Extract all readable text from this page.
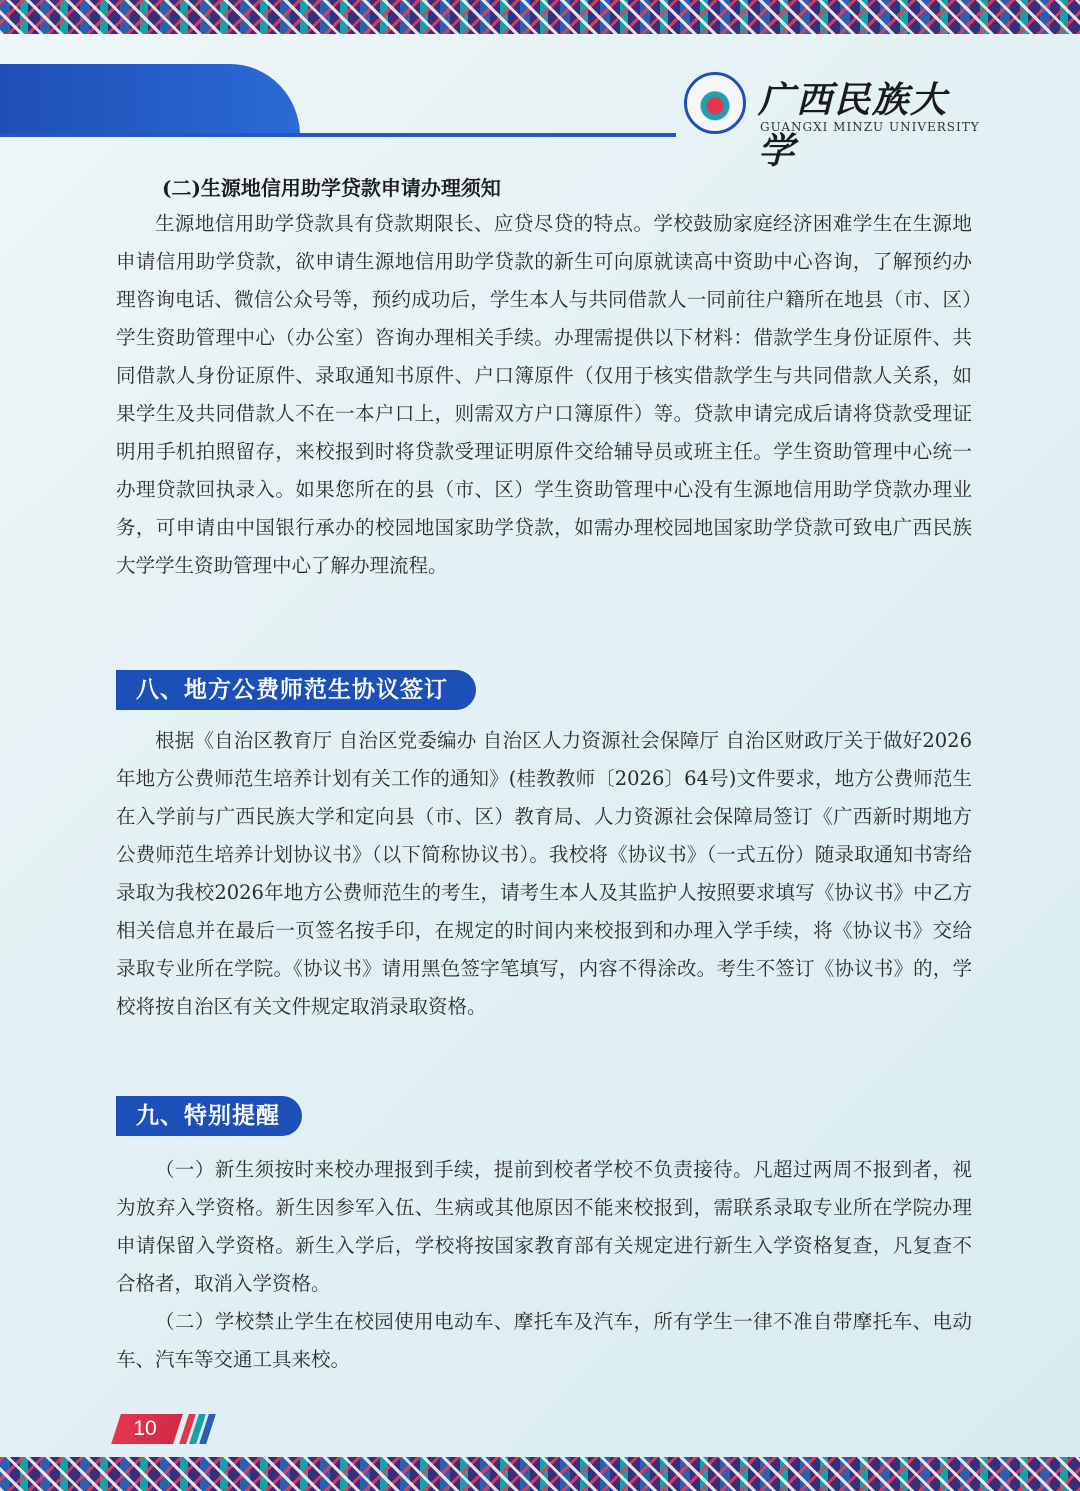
广西民族大学
GUANGXI MINZU UNIVERSITY

(二)生源地信用助学贷款申请办理须知

生源地信用助学贷款具有贷款期限长、应贷尽贷的特点。学校鼓励家庭经济困难学生在生源地申请信用助学贷款，欲申请生源地信用助学贷款的新生可向原就读高中资助中心咨询，了解预约办理咨询电话、微信公众号等，预约成功后，学生本人与共同借款人一同前往户籍所在地县（市、区）学生资助管理中心（办公室）咨询办理相关手续。办理需提供以下材料：借款学生身份证原件、共同借款人身份证原件、录取通知书原件、户口簿原件（仅用于核实借款学生与共同借款人关系，如果学生及共同借款人不在一本户口上，则需双方户口簿原件）等。贷款申请完成后请将贷款受理证明用手机拍照留存，来校报到时将贷款受理证明原件交给辅导员或班主任。学生资助管理中心统一办理贷款回执录入。如果您所在的县（市、区）学生资助管理中心没有生源地信用助学贷款办理业务，可申请由中国银行承办的校园地国家助学贷款，如需办理校园地国家助学贷款可致电广西民族大学学生资助管理中心了解办理流程。

八、地方公费师范生协议签订

根据《自治区教育厅 自治区党委编办 自治区人力资源社会保障厅 自治区财政厅关于做好2026年地方公费师范生培养计划有关工作的通知》(桂教教师〔2026〕64号)文件要求，地方公费师范生在入学前与广西民族大学和定向县（市、区）教育局、人力资源社会保障局签订《广西新时期地方公费师范生培养计划协议书》（以下简称协议书）。我校将《协议书》（一式五份）随录取通知书寄给录取为我校2026年地方公费师范生的考生，请考生本人及其监护人按照要求填写《协议书》中乙方相关信息并在最后一页签名按手印，在规定的时间内来校报到和办理入学手续，将《协议书》交给录取专业所在学院。《协议书》请用黑色签字笔填写，内容不得涂改。考生不签订《协议书》的，学校将按自治区有关文件规定取消录取资格。

九、特别提醒

（一）新生须按时来校办理报到手续，提前到校者学校不负责接待。凡超过两周不报到者，视为放弃入学资格。新生因参军入伍、生病或其他原因不能来校报到，需联系录取专业所在学院办理申请保留入学资格。新生入学后，学校将按国家教育部有关规定进行新生入学资格复查，凡复查不合格者，取消入学资格。

（二）学校禁止学生在校园使用电动车、摩托车及汽车，所有学生一律不准自带摩托车、电动车、汽车等交通工具来校。

10
